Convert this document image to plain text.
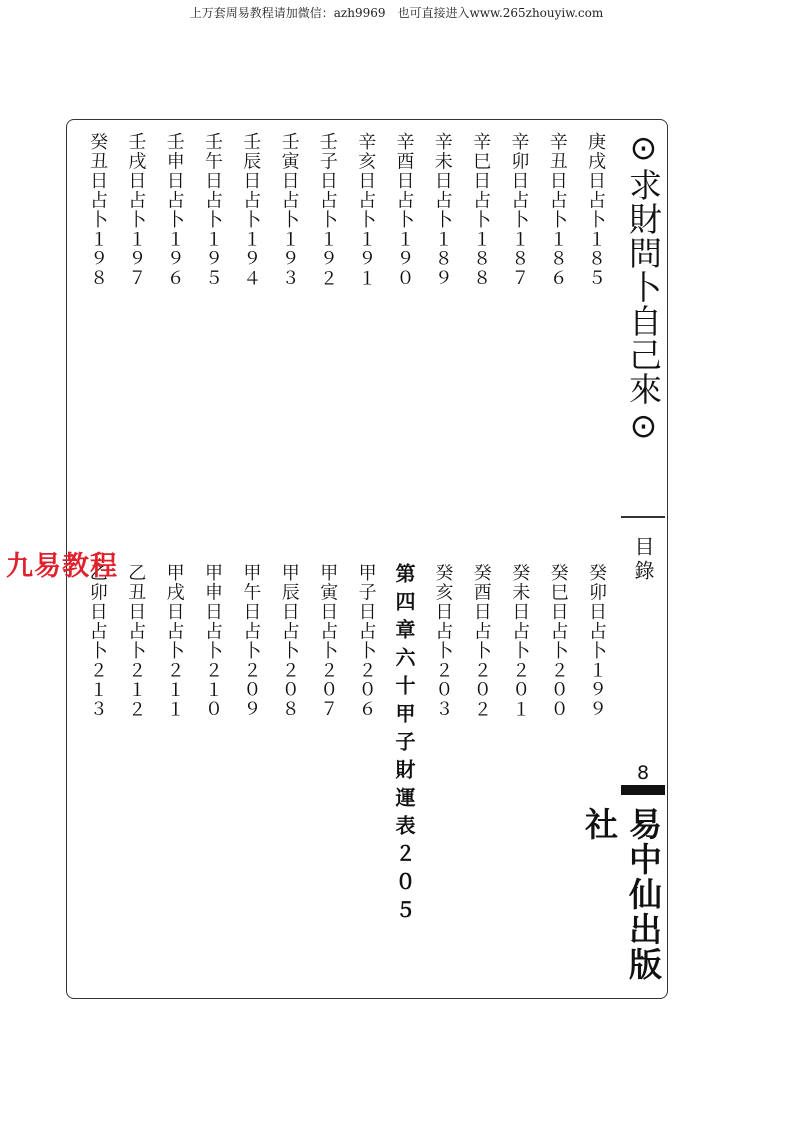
上万套周易教程请加微信：azh9969　也可直接进入www.265zhouyiw.com
⊙求財問卜自己來⊙
目錄
8
易中仙出版社
庚戌日占卜１８５
辛丑日占卜１８６
辛卯日占卜１８７
辛巳日占卜１８８
辛未日占卜１８９
辛酉日占卜１９０
辛亥日占卜１９１
壬子日占卜１９２
壬寅日占卜１９３
壬辰日占卜１９４
壬午日占卜１９５
壬申日占卜１９６
壬戌日占卜１９７
癸丑日占卜１９８
癸卯日占卜１９９
癸巳日占卜２００
癸未日占卜２０１
癸酉日占卜２０２
癸亥日占卜２０３
第四章六十甲子財運表２０５
甲子日占卜２０６
甲寅日占卜２０７
甲辰日占卜２０８
甲午日占卜２０９
甲申日占卜２１０
甲戌日占卜２１１
乙丑日占卜２１２
乙卯日占卜２１３
九易教程
